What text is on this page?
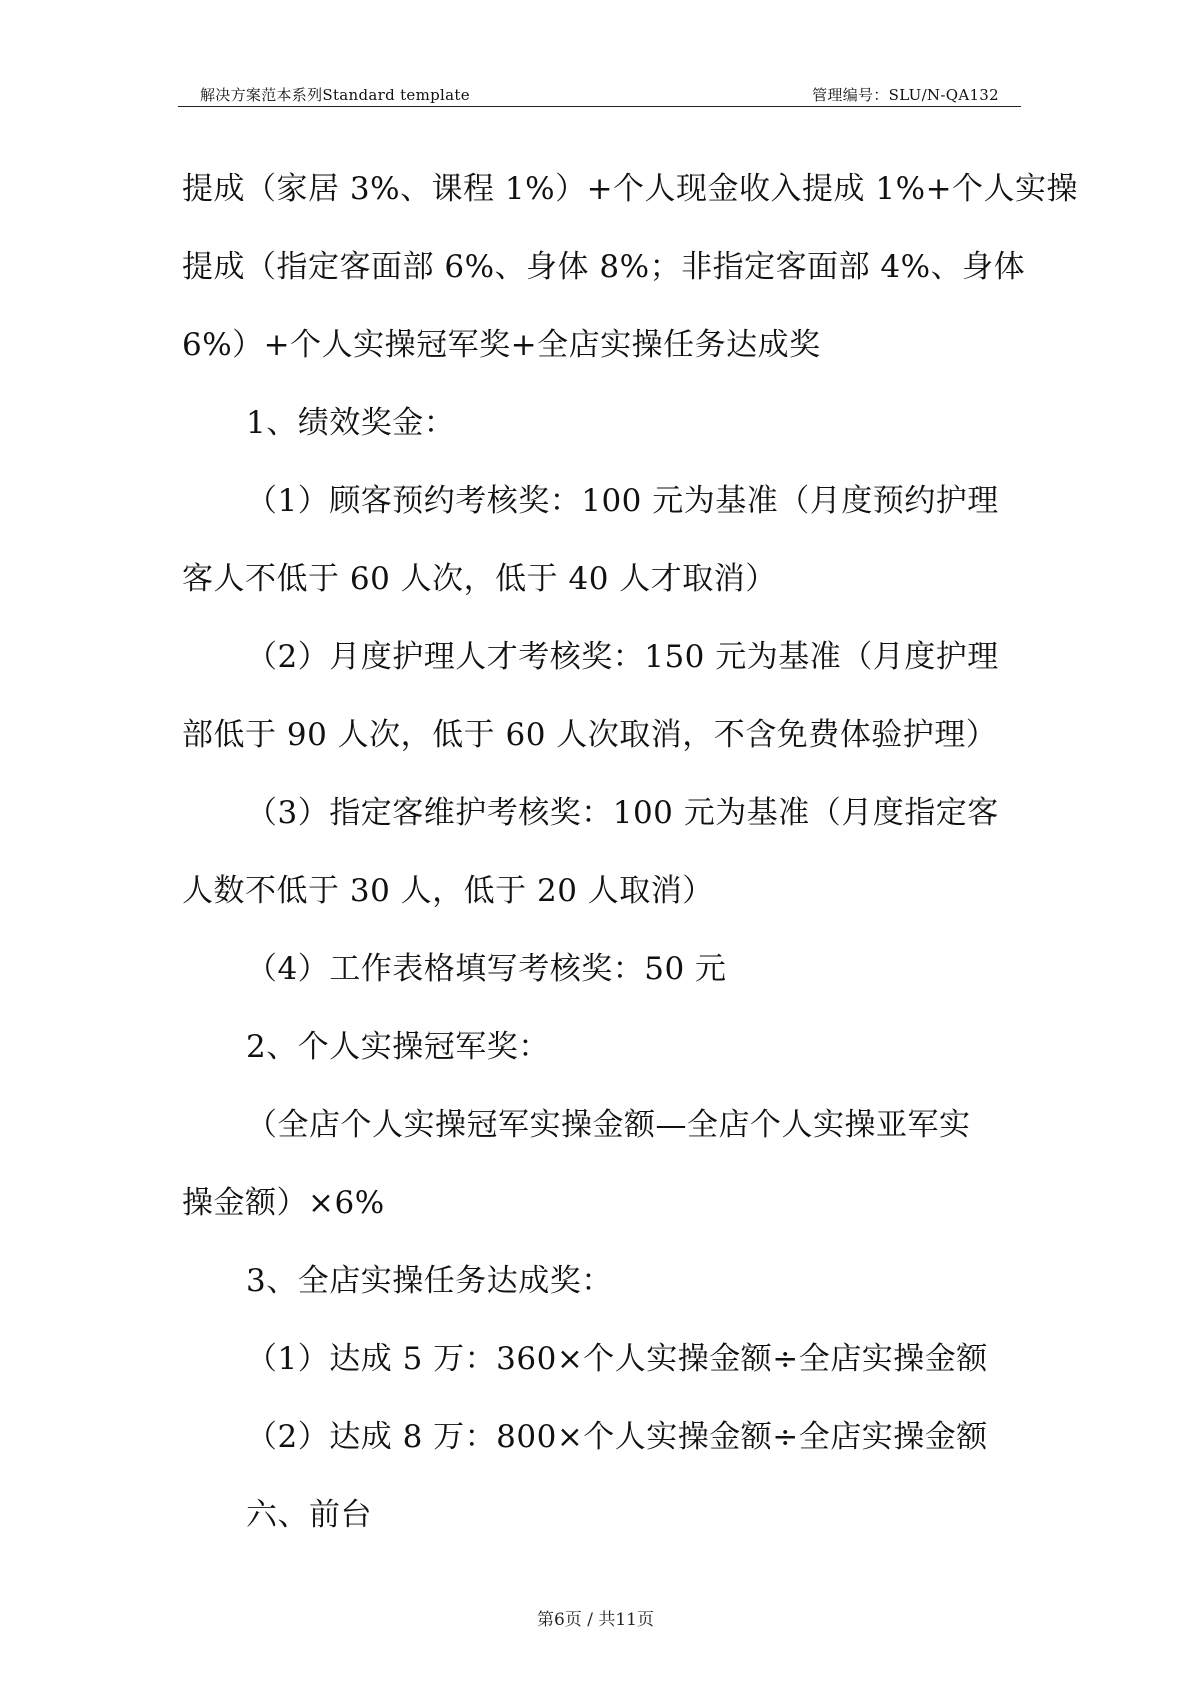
解决方案范本系列Standard template	管理编号：SLU/N-QA132
提成（家居 3%、课程 1%）+个人现金收入提成 1%+个人实操
提成（指定客面部 6%、身体 8%；非指定客面部 4%、身体
6%）+个人实操冠军奖+全店实操任务达成奖
1、绩效奖金：
（1）顾客预约考核奖：100 元为基准（月度预约护理
客人不低于 60 人次，低于 40 人才取消）
（2）月度护理人才考核奖：150 元为基准（月度护理
部低于 90 人次，低于 60 人次取消，不含免费体验护理）
（3）指定客维护考核奖：100 元为基准（月度指定客
人数不低于 30 人，低于 20 人取消）
（4）工作表格填写考核奖：50 元
2、个人实操冠军奖：
（全店个人实操冠军实操金额—全店个人实操亚军实
操金额）×6%
3、全店实操任务达成奖：
（1）达成 5 万：360×个人实操金额÷全店实操金额
（2）达成 8 万：800×个人实操金额÷全店实操金额
六、前台
第6页 / 共11页
